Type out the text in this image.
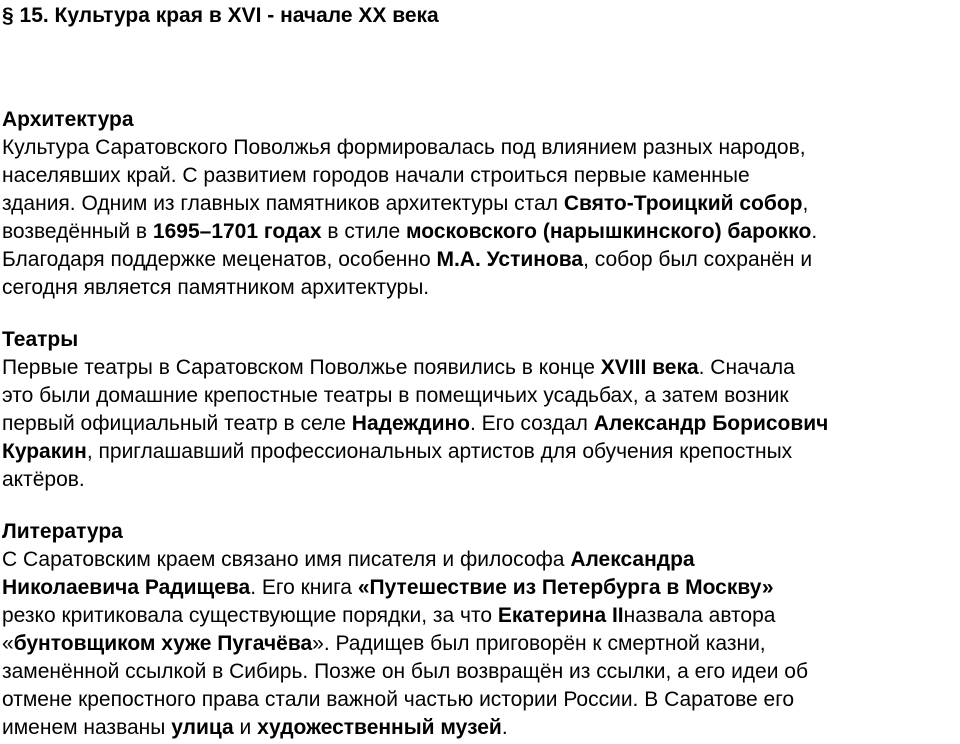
§ 15. Культура края в XVI - начале XX века
Архитектура
Культура Саратовского Поволжья формировалась под влиянием разных народов,
населявших край. С развитием городов начали строиться первые каменные
здания. Одним из главных памятников архитектуры стал Свято-Троицкий собор,
возведённый в 1695–1701 годах в стиле московского (нарышкинского) барокко.
Благодаря поддержке меценатов, особенно М.А. Устинова, собор был сохранён и
сегодня является памятником архитектуры.
Театры
Первые театры в Саратовском Поволжье появились в конце XVIII века. Сначала
это были домашние крепостные театры в помещичьих усадьбах, а затем возник
первый официальный театр в селе Надеждино. Его создал Александр Борисович
Куракин, приглашавший профессиональных артистов для обучения крепостных
актёров.
Литература
С Саратовским краем связано имя писателя и философа Александра
Николаевича Радищева. Его книга «Путешествие из Петербурга в Москву»
резко критиковала существующие порядки, за что Екатерина IIназвала автора
«бунтовщиком хуже Пугачёва». Радищев был приговорён к смертной казни,
заменённой ссылкой в Сибирь. Позже он был возвращён из ссылки, а его идеи об
отмене крепостного права стали важной частью истории России. В Саратове его
именем названы улица и художественный музей.
